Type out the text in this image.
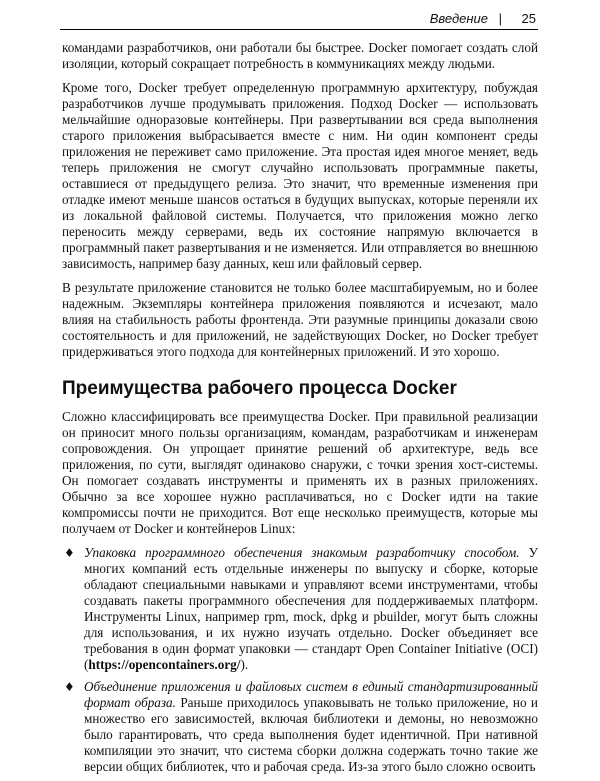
Введение | 25

командами разработчиков, они работали бы быстрее. Docker помогает создать слой изоляции, который сокращает потребность в коммуникациях между людьми.

Кроме того, Docker требует определенную программную архитектуру, побуждая разработчиков лучше продумывать приложения. Подход Docker — использовать мельчайшие одноразовые контейнеры. При развертывании вся среда выполнения старого приложения выбрасывается вместе с ним. Ни один компонент среды приложения не переживет само приложение. Эта простая идея многое меняет, ведь теперь приложения не смогут случайно использовать программные пакеты, оставшиеся от предыдущего релиза. Это значит, что временные изменения при отладке имеют меньше шансов остаться в будущих выпусках, которые переняли их из локальной файловой системы. Получается, что приложения можно легко переносить между серверами, ведь их состояние напрямую включается в программный пакет развертывания и не изменяется. Или отправляется во внешнюю зависимость, например базу данных, кеш или файловый сервер.

В результате приложение становится не только более масштабируемым, но и более надежным. Экземпляры контейнера приложения появляются и исчезают, мало влияя на стабильность работы фронтенда. Эти разумные принципы доказали свою состоятельность и для приложений, не задействующих Docker, но Docker требует придерживаться этого подхода для контейнерных приложений. И это хорошо.

Преимущества рабочего процесса Docker

Сложно классифицировать все преимущества Docker. При правильной реализации он приносит много пользы организациям, командам, разработчикам и инженерам сопровождения. Он упрощает принятие решений об архитектуре, ведь все приложения, по сути, выглядят одинаково снаружи, с точки зрения хост-системы. Он помогает создавать инструменты и применять их в разных приложениях. Обычно за все хорошее нужно расплачиваться, но с Docker идти на такие компромиссы почти не приходится. Вот еще несколько преимуществ, которые мы получаем от Docker и контейнеров Linux:

♦ Упаковка программного обеспечения знакомым разработчику способом. У многих компаний есть отдельные инженеры по выпуску и сборке, которые обладают специальными навыками и управляют всеми инструментами, чтобы создавать пакеты программного обеспечения для поддерживаемых платформ. Инструменты Linux, например rpm, mock, dpkg и pbuilder, могут быть сложны для использования, и их нужно изучать отдельно. Docker объединяет все требования в один формат упаковки — стандарт Open Container Initiative (OCI) (https://opencontainers.org/).
♦ Объединение приложения и файловых систем в единый стандартизированный формат образа. Раньше приходилось упаковывать не только приложение, но и множество его зависимостей, включая библиотеки и демоны, но невозможно было гарантировать, что среда выполнения будет идентичной. При нативной компиляции это значит, что система сборки должна содержать точно такие же версии общих библиотек, что и рабочая среда. Из-за этого было сложно освоить
